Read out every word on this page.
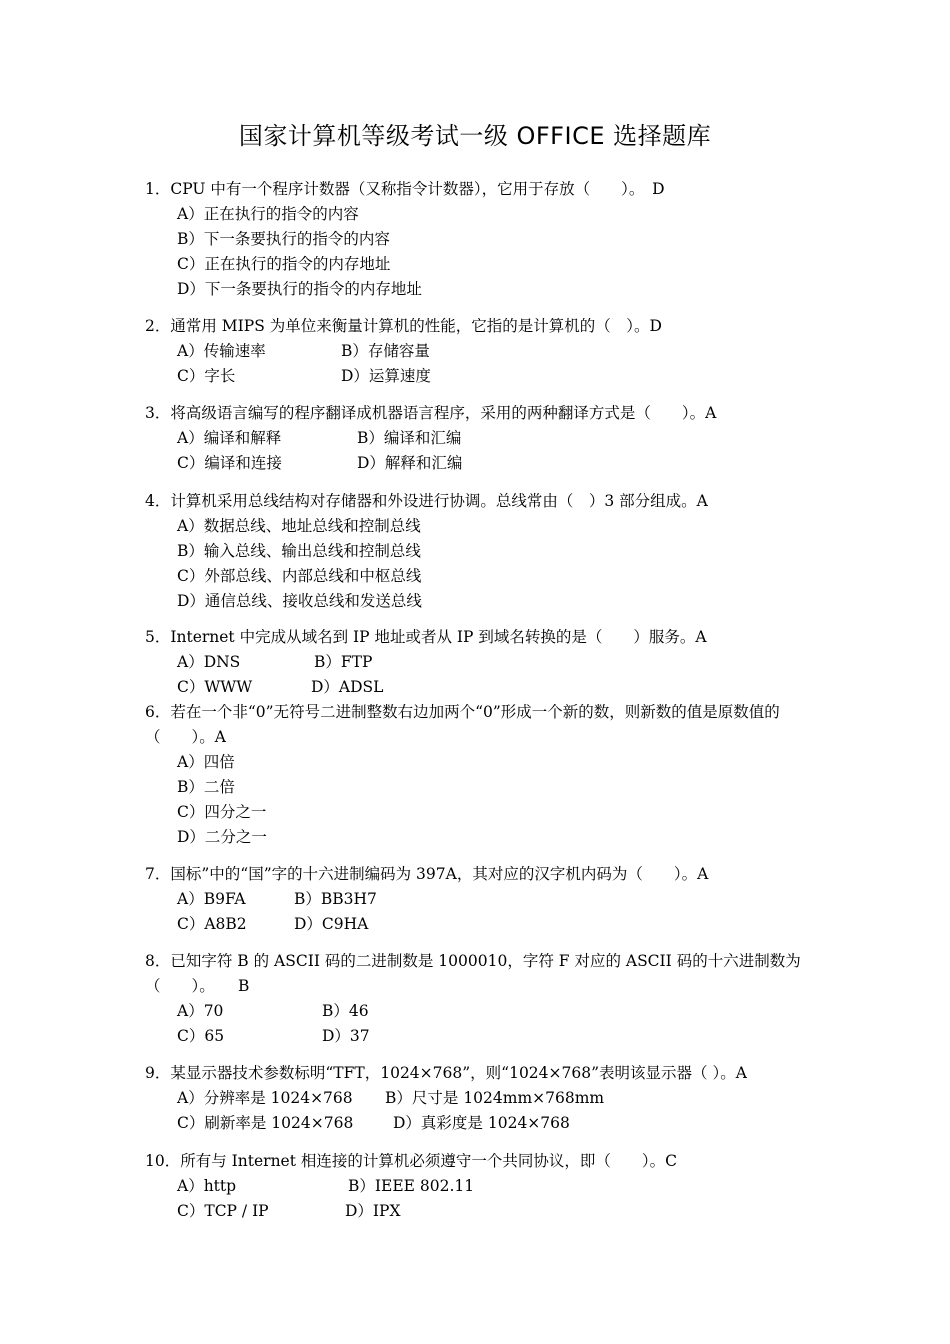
国家计算机等级考试一级 OFFICE 选择题库
1．CPU 中有一个程序计数器（又称指令计数器），它用于存放（　　）。　D
A）正在执行的指令的内容
B）下一条要执行的指令的内容
C）正在执行的指令的内存地址
D）下一条要执行的指令的内存地址
2．通常用 MIPS 为单位来衡量计算机的性能，它指的是计算机的（　）。D
A）传输速率	B）存储容量
C）字长	D）运算速度
3．将高级语言编写的程序翻译成机器语言程序，采用的两种翻译方式是（　　）。A
A）编译和解释	B）编译和汇编
C）编译和连接	D）解释和汇编
4．计算机采用总线结构对存储器和外设进行协调。总线常由（　）3 部分组成。A
A）数据总线、地址总线和控制总线
B）输入总线、输出总线和控制总线
C）外部总线、内部总线和中枢总线
D）通信总线、接收总线和发送总线
5．Internet 中完成从域名到 IP 地址或者从 IP 到域名转换的是（　　）服务。A
A）DNS	B）FTP
C）WWW	D）ADSL
6．若在一个非“0”无符号二进制整数右边加两个“0”形成一个新的数，则新数的值是原数值的（　　）。A
A）四倍
B）二倍
C）四分之一
D）二分之一
7．国标”中的“国”字的十六进制编码为 397A，其对应的汉字机内码为（　　）。A
A）B9FA	B）BB3H7
C）A8B2	D）C9HA
8．已知字符 B 的 ASCII 码的二进制数是 1000010，字符 F 对应的 ASCII 码的十六进制数为（　　）。　　B
A）70	B）46
C）65	D）37
9．某显示器技术参数标明“TFT，1024×768”，则“1024×768”表明该显示器（ ）。A
A）分辨率是 1024×768 B）尺寸是 1024mm×768mm
C）刷新率是 1024×768	D）真彩度是 1024×768
10．所有与 Internet 相连接的计算机必须遵守一个共同协议，即（　　）。C
A）http	B）IEEE 802.11
C）TCP / IP	D）IPX
